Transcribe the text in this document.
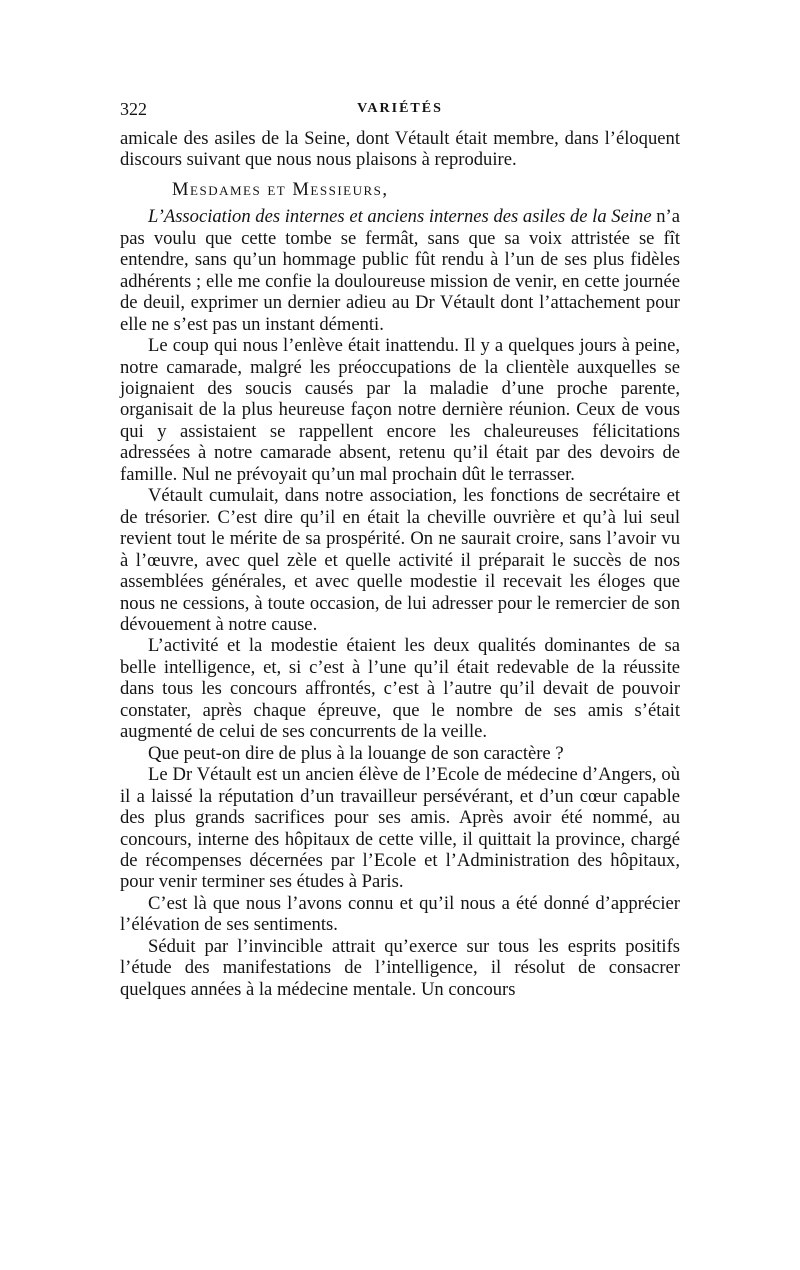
322	VARIÉTÉS

amicale des asiles de la Seine, dont Vétault était membre, dans l’éloquent discours suivant que nous nous plaisons à reproduire.

Mesdames et Messieurs,

L’Association des internes et anciens internes des asiles de la Seine n’a pas voulu que cette tombe se fermât, sans que sa voix attristée se fît entendre, sans qu’un hommage public fût rendu à l’un de ses plus fidèles adhérents ; elle me confie la douloureuse mission de venir, en cette journée de deuil, exprimer un dernier adieu au Dr Vétault dont l’attachement pour elle ne s’est pas un instant démenti.

Le coup qui nous l’enlève était inattendu. Il y a quelques jours à peine, notre camarade, malgré les préoccupations de la clientèle auxquelles se joignaient des soucis causés par la maladie d’une proche parente, organisait de la plus heureuse façon notre dernière réunion. Ceux de vous qui y assistaient se rappellent encore les chaleureuses félicitations adressées à notre camarade absent, retenu qu’il était par des devoirs de famille. Nul ne prévoyait qu’un mal prochain dût le terrasser.

Vétault cumulait, dans notre association, les fonctions de secrétaire et de trésorier. C’est dire qu’il en était la cheville ouvrière et qu’à lui seul revient tout le mérite de sa prospérité. On ne saurait croire, sans l’avoir vu à l’œuvre, avec quel zèle et quelle activité il préparait le succès de nos assemblées générales, et avec quelle modestie il recevait les éloges que nous ne cessions, à toute occasion, de lui adresser pour le remercier de son dévouement à notre cause.

L’activité et la modestie étaient les deux qualités dominantes de sa belle intelligence, et, si c’est à l’une qu’il était redevable de la réussite dans tous les concours affrontés, c’est à l’autre qu’il devait de pouvoir constater, après chaque épreuve, que le nombre de ses amis s’était augmenté de celui de ses concurrents de la veille.

Que peut-on dire de plus à la louange de son caractère ?

Le Dr Vétault est un ancien élève de l’Ecole de médecine d’Angers, où il a laissé la réputation d’un travailleur persévérant, et d’un cœur capable des plus grands sacrifices pour ses amis. Après avoir été nommé, au concours, interne des hôpitaux de cette ville, il quittait la province, chargé de récompenses décernées par l’Ecole et l’Administration des hôpitaux, pour venir terminer ses études à Paris.

C’est là que nous l’avons connu et qu’il nous a été donné d’apprécier l’élévation de ses sentiments.

Séduit par l’invincible attrait qu’exerce sur tous les esprits positifs l’étude des manifestations de l’intelligence, il résolut de consacrer quelques années à la médecine mentale. Un concours
